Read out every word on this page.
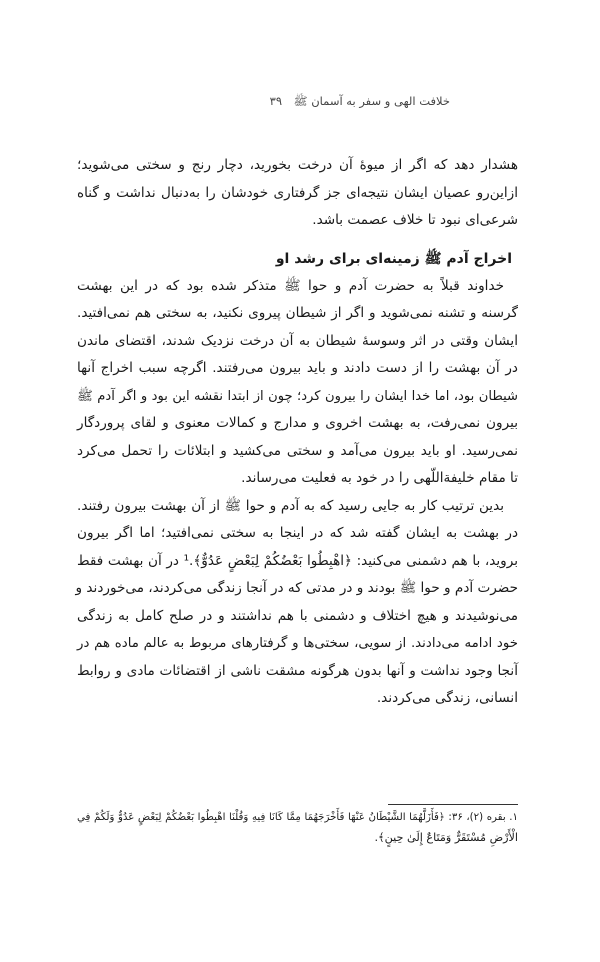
خلافت الهی و سفر به آسمان ﷺ ۳۹
هشدار دهد که اگر از میوهٔ آن درخت بخورید، دچار رنج و سختی می‌شوید؛
ازاین‌رو عصیان ایشان نتیجه‌ای جز گرفتاری خودشان را به‌دنبال نداشت و گناه
شرعی‌ای نبود تا خلاف عصمت باشد.
اخراج آدم ﷺ زمینه‌ای برای رشد او
خداوند قبلاً به حضرت آدم و حوا ﷺ متذکر شده بود که در این بهشت
گرسنه و تشنه نمی‌شوید و اگر از شیطان پیروی نکنید، به سختی هم نمی‌افتید.
ایشان وقتی در اثر وسوسهٔ شیطان به آن درخت نزدیک شدند، اقتضای ماندن
در آن بهشت را از دست دادند و باید بیرون می‌رفتند. اگرچه سبب اخراج آنها
شیطان بود، اما خدا ایشان را بیرون کرد؛ چون از ابتدا نقشه این بود و اگر آدم ﷺ
بیرون نمی‌رفت، به بهشت اخروی و مدارج و کمالات معنوی و لقای پروردگار
نمی‌رسید. او باید بیرون می‌آمد و سختی می‌کشید و ابتلائات را تحمل می‌کرد
تا مقام خلیفةاللّهی را در خود به فعلیت می‌رساند.
بدین ترتیب کار به جایی رسید که به آدم و حوا ﷺ از آن بهشت بیرون رفتند.
در بهشت به ایشان گفته شد که در اینجا به سختی نمی‌افتید؛ اما اگر بیرون
بروید، با هم دشمنی می‌کنید: ﴿اهْبِطُوا بَعْضُكُمْ لِبَعْضٍ عَدُوٌّ﴾.¹ در آن بهشت فقط
حضرت آدم و حوا ﷺ بودند و در مدتی که در آنجا زندگی می‌کردند، می‌خوردند و
می‌نوشیدند و هیچ اختلاف و دشمنی با هم نداشتند و در صلح کامل به زندگی
خود ادامه می‌دادند. از سویی، سختی‌ها و گرفتارهای مربوط به عالم ماده هم در
آنجا وجود نداشت و آنها بدون هرگونه مشقت ناشی از اقتضائات مادی و روابط
انسانی، زندگی می‌کردند.
۱. بقره (۲)، ۳۶: ﴿فَأَزَلَّهُمَا الشَّيْطَانُ عَنْهَا فَأَخْرَجَهُمَا مِمَّا كَانَا فِيهِ وَقُلْنَا اهْبِطُوا بَعْضُكُمْ لِبَعْضٍ عَدُوٌّ وَلَكُمْ فِي
الْأَرْضِ مُسْتَقَرٌّ وَمَتَاعٌ إِلَىٰ حِينٍ﴾.
